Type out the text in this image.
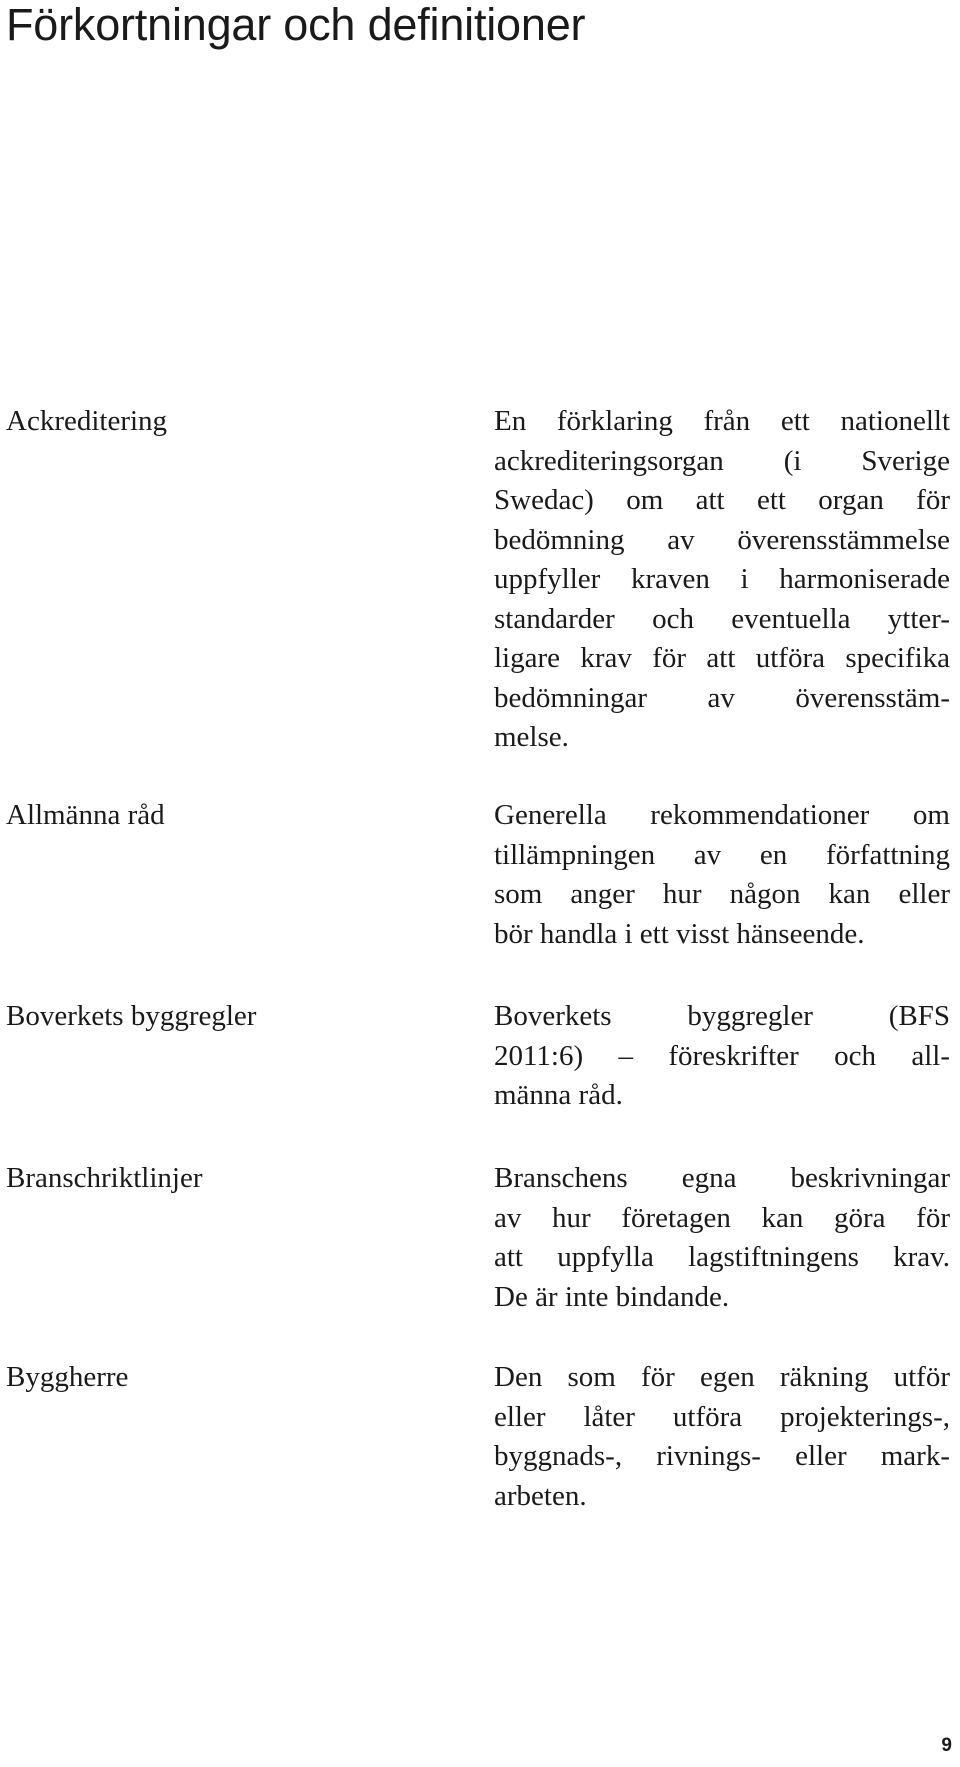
Förkortningar och definitioner

Ackreditering	En förklaring från ett nationellt
ackrediteringsorgan (i Sverige
Swedac) om att ett organ för
bedömning av överensstämmelse
uppfyller kraven i harmoniserade
standarder och eventuella ytter-
ligare krav för att utföra specifika
bedömningar av överensstäm-
melse.

Allmänna råd	Generella rekommendationer om
tillämpningen av en författning
som anger hur någon kan eller
bör handla i ett visst hänseende.

Boverkets byggregler	Boverkets byggregler (BFS
2011:6) – föreskrifter och all-
männa råd.

Branschriktlinjer	Branschens egna beskrivningar
av hur företagen kan göra för
att uppfylla lagstiftningens krav.
De är inte bindande.

Byggherre	Den som för egen räkning utför
eller låter utföra projekterings-,
byggnads-, rivnings- eller mark-
arbeten.

9
